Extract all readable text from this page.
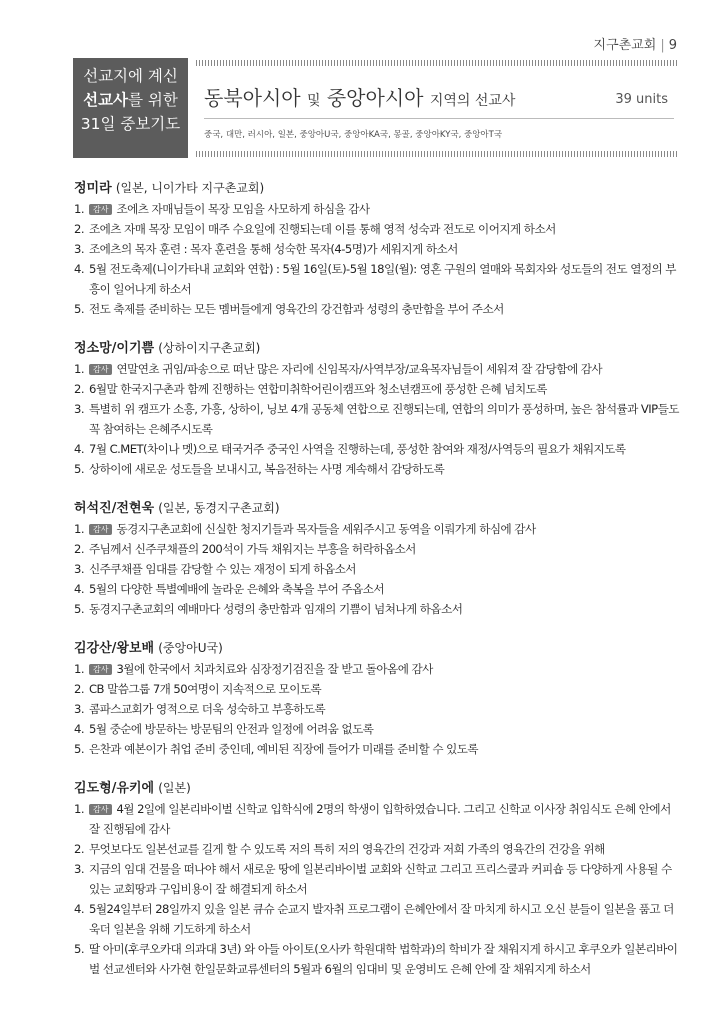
지구촌교회 | 9
선교지에 계신
선교사를 위한
31일 중보기도
동북아시아 및 중앙아시아 지역의 선교사	39 units
중국, 대만, 러시아, 일본, 중앙아U국, 중앙아KA국, 몽골, 중앙아KY국, 중앙아T국
정미라 (일본, 니이가타 지구촌교회)
1. 감사 조에츠 자매님들이 목장 모임을 사모하게 하심을 감사
2. 조에츠 자매 목장 모임이 매주 수요일에 진행되는데 이를 통해 영적 성숙과 전도로 이어지게 하소서
3. 조에츠의 목자 훈련 : 목자 훈련을 통해 성숙한 목자(4-5명)가 세워지게 하소서
4. 5월 전도축제(니이가타내 교회와 연합) : 5월 16일(토)-5월 18일(월): 영혼 구원의 열매와 목회자와 성도들의 전도 열정의 부흥이 일어나게 하소서
5. 전도 축제를 준비하는 모든 멤버들에게 영육간의 강건함과 성령의 충만함을 부어 주소서
정소망/이기쁨 (상하이지구촌교회)
1. 감사 연말연초 귀임/파송으로 떠난 많은 자리에 신임목자/사역부장/교육목자님들이 세워져 잘 감당함에 감사
2. 6월말 한국지구촌과 함께 진행하는 연합미취학어린이캠프와 청소년캠프에 풍성한 은혜 넘치도록
3. 특별히 위 캠프가 소흥, 가흥, 상하이, 닝보 4개 공동체 연합으로 진행되는데, 연합의 의미가 풍성하며, 높은 참석률과 VIP들도 꼭 참여하는 은혜주시도록
4. 7월 C.MET(차이나 멧)으로 태국거주 중국인 사역을 진행하는데, 풍성한 참여와 재정/사역등의 필요가 채워지도록
5. 상하이에 새로운 성도들을 보내시고, 복음전하는 사명 계속해서 감당하도록
허석진/전현욱 (일본, 동경지구촌교회)
1. 감사 동경지구촌교회에 신실한 청지기들과 목자들을 세워주시고 동역을 이뤄가게 하심에 감사
2. 주님께서 신주쿠채플의 200석이 가득 채워지는 부흥을 허락하옵소서
3. 신주쿠채플 임대를 감당할 수 있는 재정이 되게 하옵소서
4. 5월의 다양한 특별예배에 놀라운 은혜와 축복을 부어 주옵소서
5. 동경지구촌교회의 예배마다 성령의 충만함과 임재의 기쁨이 넘쳐나게 하옵소서
김강산/왕보배 (중앙아U국)
1. 감사 3월에 한국에서 치과치료와 심장정기검진을 잘 받고 돌아옴에 감사
2. CB 말씀그룹 7개 50여명이 지속적으로 모이도록
3. 콤파스교회가 영적으로 더욱 성숙하고 부흥하도록
4. 5월 중순에 방문하는 방문팀의 안전과 일정에 어려움 없도록
5. 은찬과 예본이가 취업 준비 중인데, 예비된 직장에 들어가 미래를 준비할 수 있도록
김도형/유키에 (일본)
1. 감사 4월 2일에 일본리바이벌 신학교 입학식에 2명의 학생이 입학하였습니다. 그리고 신학교 이사장 취임식도 은혜 안에서 잘 진행됨에 감사
2. 무엇보다도 일본선교를 길게 할 수 있도록 저의 특히 저의 영육간의 건강과 저희 가족의 영육간의 건강을 위해
3. 지금의 임대 건물을 떠나야 해서 새로운 땅에 일본리바이벌 교회와 신학교 그리고 프리스쿨과 커피숍 등 다양하게 사용될 수 있는 교회땅과 구입비용이 잘 해결되게 하소서
4. 5월24일부터 28일까지 있을 일본 큐슈 순교지 발자취 프로그램이 은혜안에서 잘 마치게 하시고 오신 분들이 일본을 품고 더욱더 일본을 위해 기도하게 하소서
5. 딸 아미(후쿠오카대 의과대 3년) 와 아들 아이토(오사카 학원대학 법학과)의 학비가 잘 채워지게 하시고 후쿠오카 일본리바이벌 선교센터와 사가현 한일문화교류센터의 5월과 6월의 임대비 및 운영비도 은혜 안에 잘 채워지게 하소서
